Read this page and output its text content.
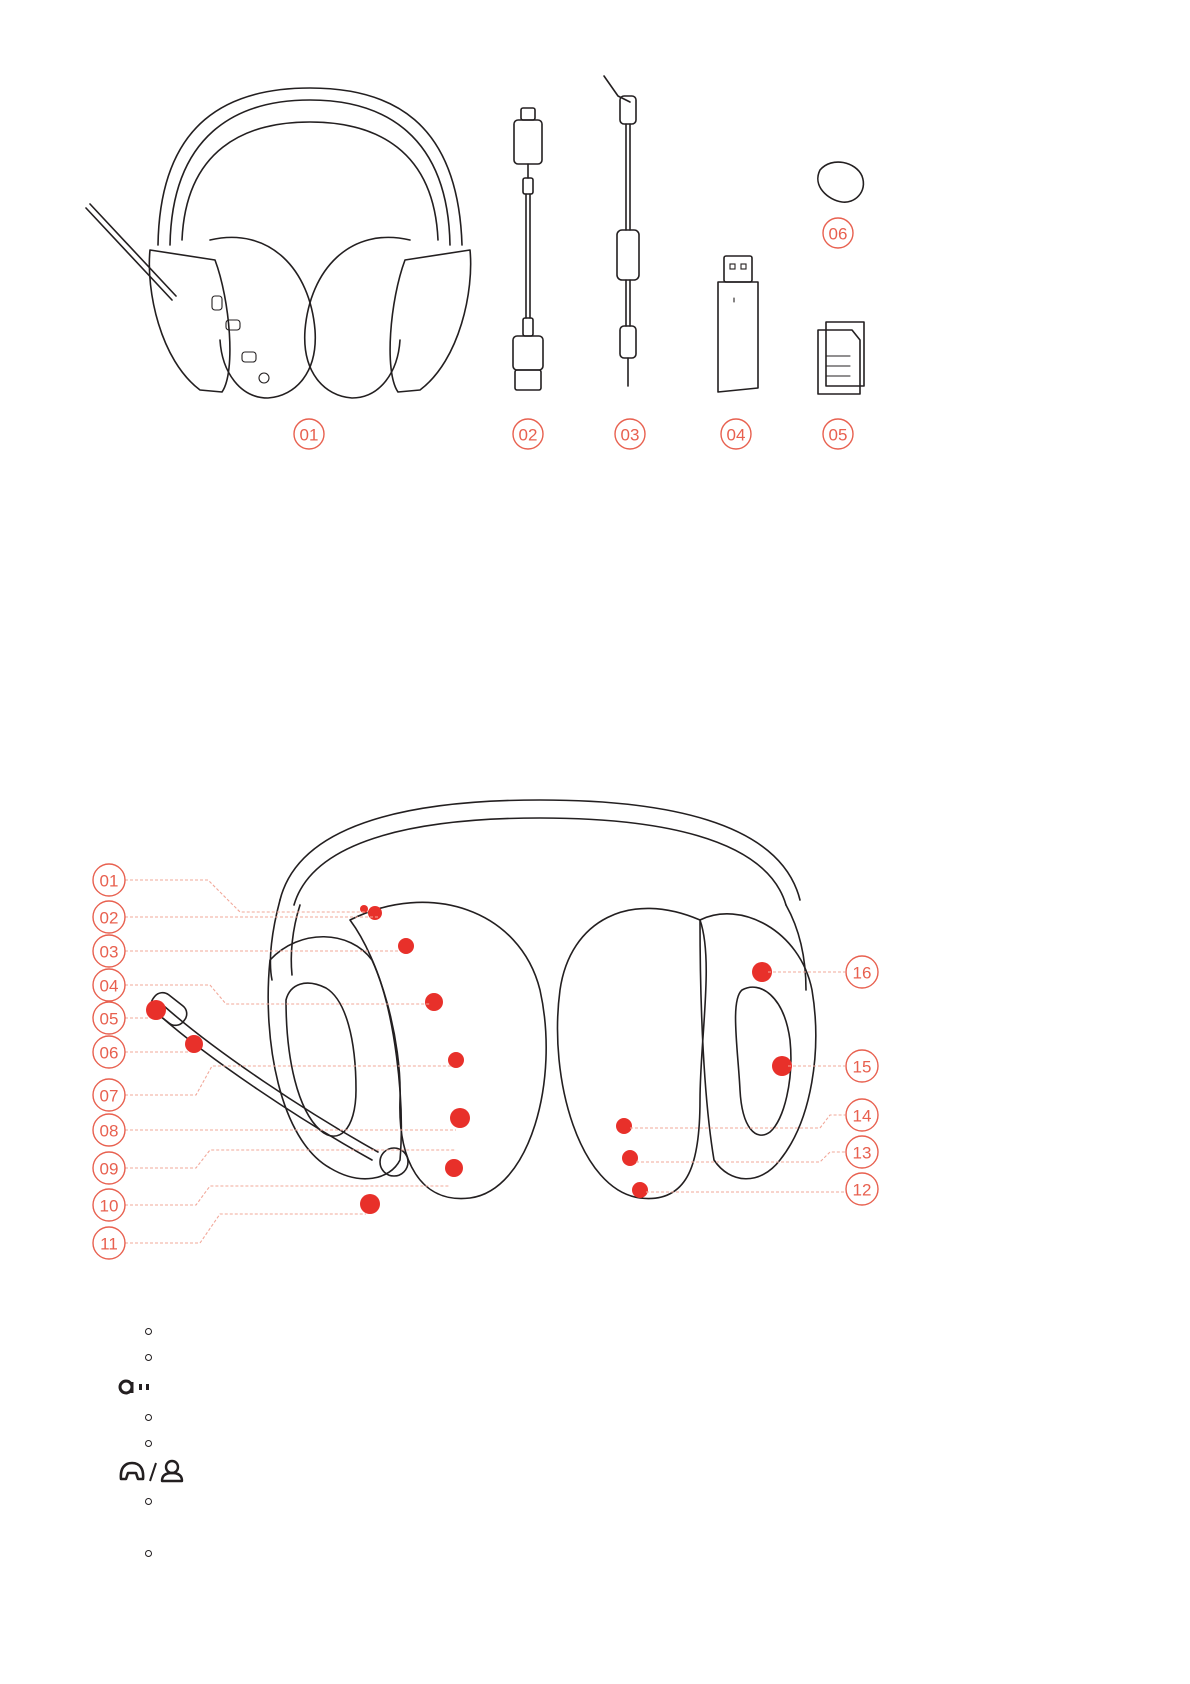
01	02	03	04
06
05
01
02
03
04
05
06
07
08
09
10
11
16
15
14
13
12
